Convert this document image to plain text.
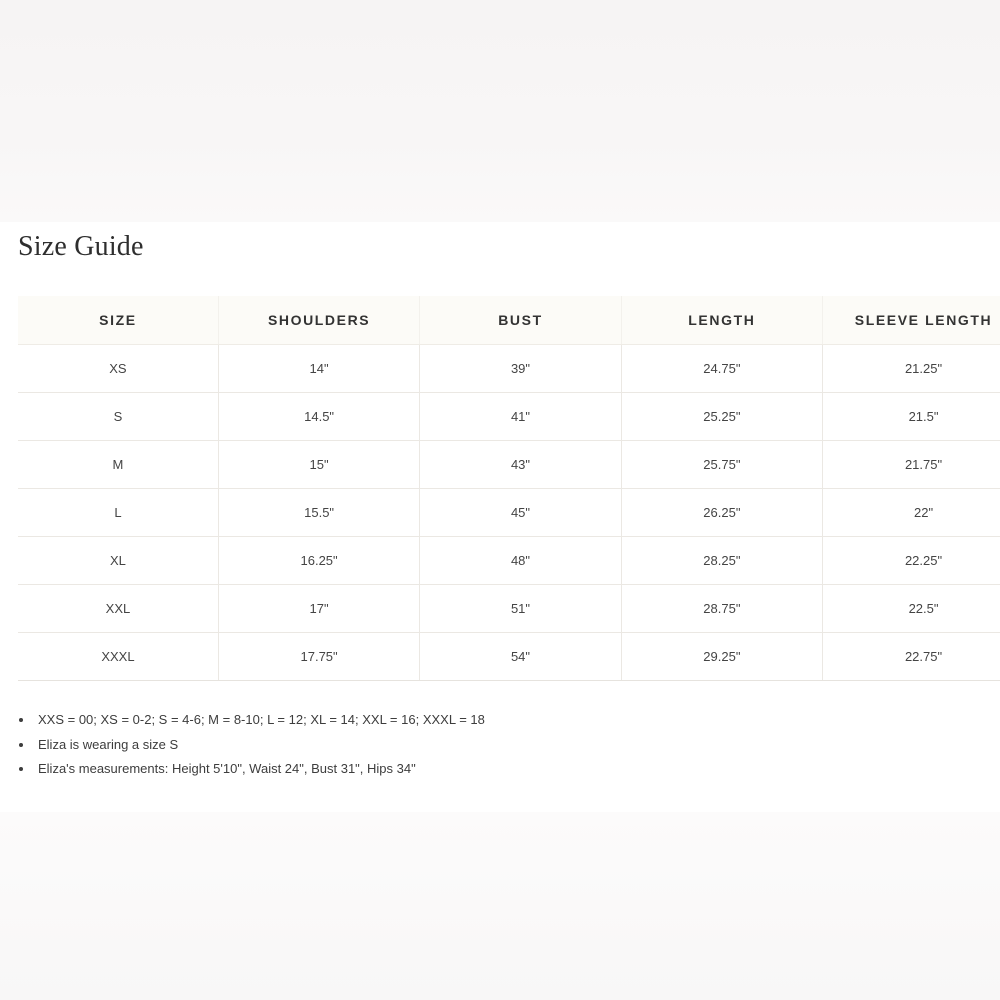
Size Guide
SIZE	SHOULDERS	BUST	LENGTH	SLEEVE LENGTH
XS	14"	39"	24.75"	21.25"
S	14.5"	41"	25.25"	21.5"
M	15"	43"	25.75"	21.75"
L	15.5"	45"	26.25"	22"
XL	16.25"	48"	28.25"	22.25"
XXL	17"	51"	28.75"	22.5"
XXXL	17.75"	54"	29.25"	22.75"
XXS = 00; XS = 0-2; S = 4-6; M = 8-10; L = 12; XL = 14; XXL = 16; XXXL = 18
Eliza is wearing a size S
Eliza's measurements: Height 5'10", Waist 24", Bust 31", Hips 34"
